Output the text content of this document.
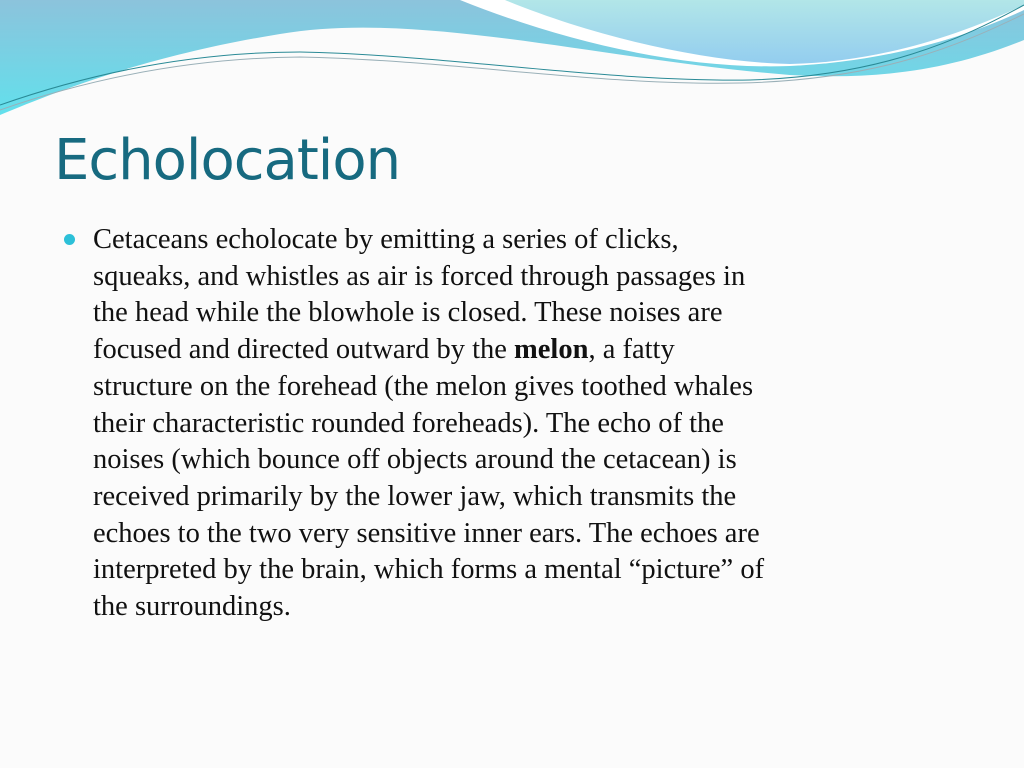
Echolocation
Cetaceans echolocate by emitting a series of clicks,
squeaks, and whistles as air is forced through passages in
the head while the blowhole is closed. These noises are
focused and directed outward by the melon, a fatty
structure on the forehead (the melon gives toothed whales
their characteristic rounded foreheads). The echo of the
noises (which bounce off objects around the cetacean) is
received primarily by the lower jaw, which transmits the
echoes to the two very sensitive inner ears. The echoes are
interpreted by the brain, which forms a mental “picture” of
the surroundings.
